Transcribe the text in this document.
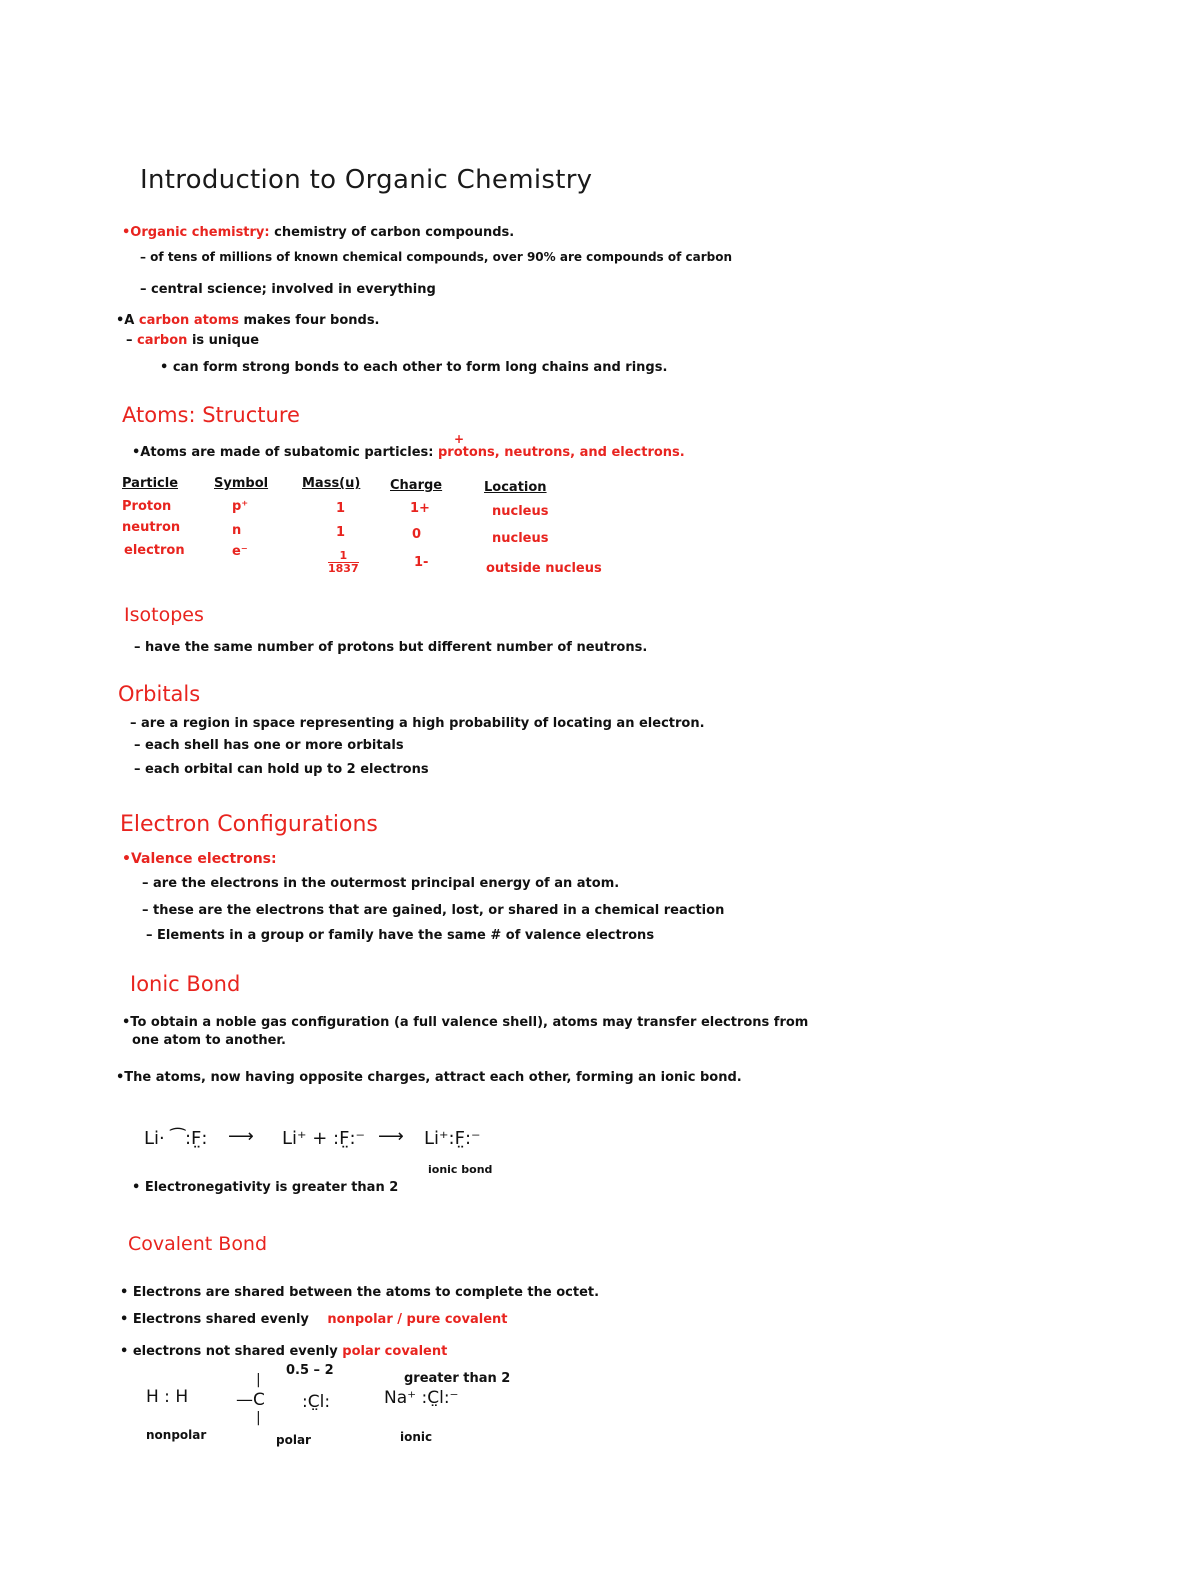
Introduction to Organic Chemistry
•Organic chemistry: chemistry of carbon compounds.
– of tens of millions of known chemical compounds, over 90% are compounds of carbon
– central science; involved in everything
•A carbon atoms makes four bonds.
– carbon is unique
• can form strong bonds to each other to form long chains and rings.
Atoms: Structure
+
•Atoms are made of subatomic particles: protons, neutrons, and electrons.
Particle	Symbol	Mass(u) Charge	Location
Proton	p⁺	1	1+	nucleus
neutron	n	1	0	nucleus
electron	e⁻	$\frac{1}{1837}$	1-	outside nucleus
Isotopes
– have the same number of protons but different number of neutrons.
Orbitals
– are a region in space representing a high probability of locating an electron.
– each shell has one or more orbitals
– each orbital can hold up to 2 electrons
Electron Configurations
•Valence electrons:
– are the electrons in the outermost principal energy of an atom.
– these are the electrons that are gained, lost, or shared in a chemical reaction
– Elements in a group or family have the same # of valence electrons
Ionic Bond
•To obtain a noble gas configuration (a full valence shell), atoms may transfer electrons from
one atom to another.
•The atoms, now having opposite charges, attract each other, forming an ionic bond.
Li· ⁀:F̤: ⟶ Li⁺ + :F̤:⁻ ⟶ Li⁺:F̤:⁻
ionic bond
• Electronegativity is greater than 2
Covalent Bond
• Electrons are shared between the atoms to complete the octet.
• Electrons shared evenly nonpolar / pure covalent
• electrons not shared evenly polar covalent
0.5 – 2
greater than 2
H : H
nonpolar
|
—C
|
:C̤l:
polar
Na⁺ :C̤l:⁻
ionic
